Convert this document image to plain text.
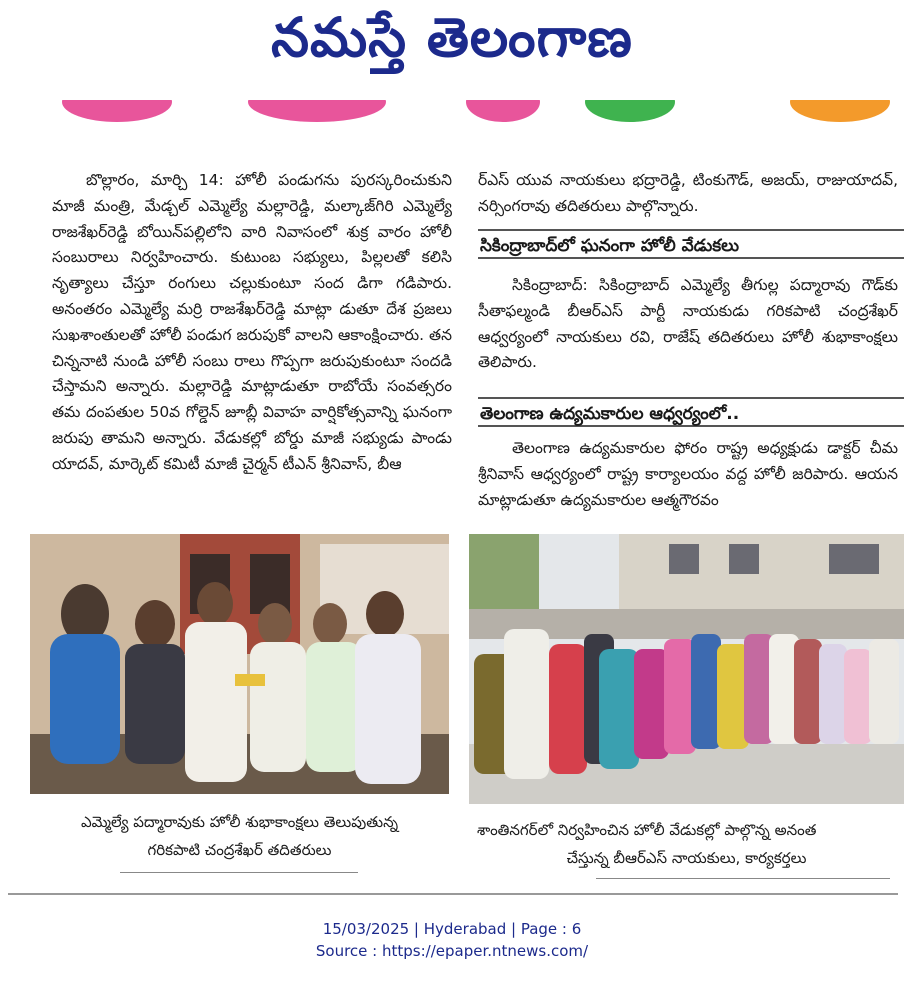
నమస్తే తెలంగాణ

బొల్లారం, మార్చి 14: హోలీ పండుగను పురస్కరించుకుని మాజీ మంత్రి, మేడ్చల్ ఎమ్మెల్యే మల్లారెడ్డి, మల్కాజ్‌గిరి ఎమ్మెల్యే రాజశేఖర్‌రెడ్డి బోయిన్‌పల్లిలోని వారి నివాసంలో శుక్ర వారం హోలీ సంబురాలు నిర్వహించారు. కుటుంబ సభ్యులు, పిల్లలతో కలిసి నృత్యాలు చేస్తూ రంగులు చల్లుకుంటూ సంద డిగా గడిపారు. అనంతరం ఎమ్మెల్యే మర్రి రాజశేఖర్‌రెడ్డి మాట్లా డుతూ దేశ ప్రజలు సుఖశాంతులతో హోలీ పండుగ జరుపుకో వాలని ఆకాంక్షించారు. తన చిన్ననాటి నుండి హోలీ సంబు రాలు గొప్పగా జరుపుకుంటూ సందడి చేస్తామని అన్నారు. మల్లారెడ్డి మాట్లాడుతూ రాబోయే సంవత్సరం తమ దంపతుల 50వ గోల్డెన్ జూబ్లీ వివాహ వార్షికోత్సవాన్ని ఘనంగా జరుపు తామని అన్నారు. వేడుకల్లో బోర్డు మాజీ సభ్యుడు పాండు యాదవ్, మార్కెట్ కమిటీ మాజీ చైర్మన్ టీఎన్ శ్రీనివాస్, బీఆ

ర్‌ఎస్ యువ నాయకులు భద్రారెడ్డి, టింకుగౌడ్, అజయ్, రాజుయాదవ్, నర్సింగరావు తదితరులు పాల్గొన్నారు.

సికింద్రాబాద్‌లో ఘనంగా హోలీ వేడుకలు

సికింద్రాబాద్: సికింద్రాబాద్ ఎమ్మెల్యే తీగుల్ల పద్మారావు గౌడ్‌కు సీతాఫల్మండి బీఆర్‌ఎస్ పార్టీ నాయకుడు గరికపాటి చంద్రశేఖర్ ఆధ్వర్యంలో నాయకులు రవి, రాజేష్ తదితరులు హోలీ శుభాకాంక్షలు తెలిపారు.

తెలంగాణ ఉద్యమకారుల ఆధ్వర్యంలో..

తెలంగాణ ఉద్యమకారుల ఫోరం రాష్ట్ర అధ్యక్షుడు డాక్టర్ చీమ శ్రీనివాస్ ఆధ్వర్యంలో రాష్ట్ర కార్యాలయం వద్ద హోలీ జరిపారు. ఆయన మాట్లాడుతూ ఉద్యమకారుల ఆత్మగౌరవం

ఎమ్మెల్యే పద్మారావుకు హోలీ శుభాకాంక్షలు తెలుపుతున్న
గరికపాటి చంద్రశేఖర్ తదితరులు
శాంతినగర్‌లో నిర్వహించిన హోలీ వేడుకల్లో పాల్గొన్న అనంత
చేస్తున్న బీఆర్‌ఎస్ నాయకులు, కార్యకర్తలు
15/03/2025 | Hyderabad | Page : 6
Source : https://epaper.ntnews.com/
